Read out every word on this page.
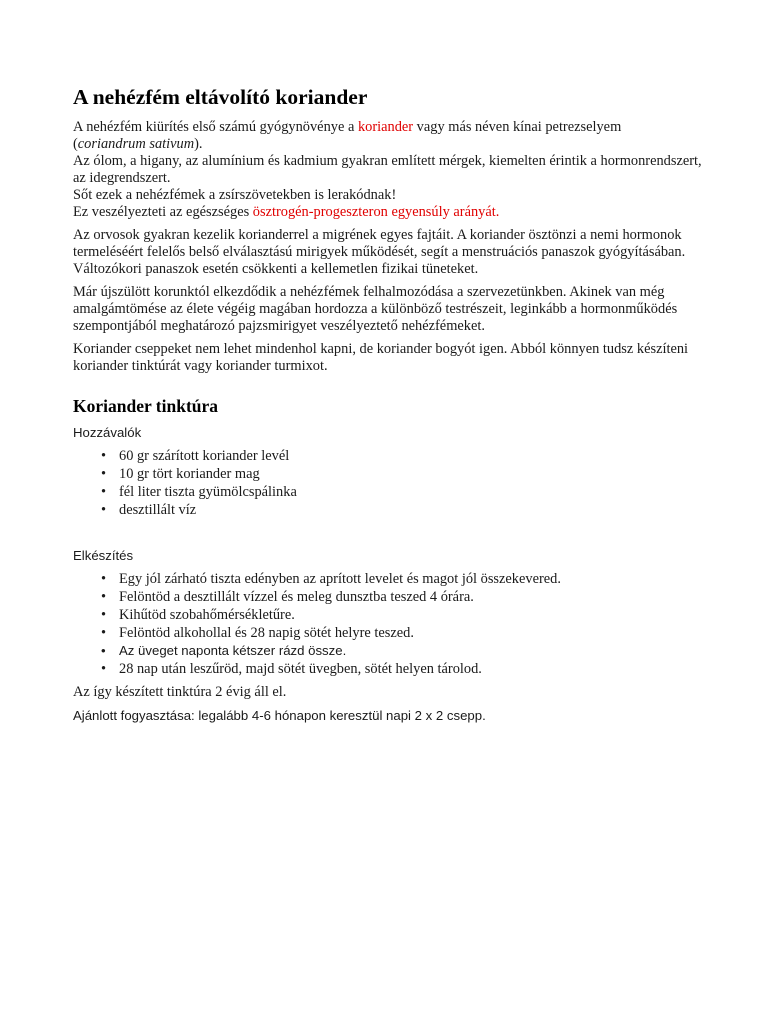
A nehézfém eltávolító koriander

A nehézfém kiürítés első számú gyógynövénye a koriander vagy más néven kínai petrezselyem
(coriandrum sativum).
Az ólom, a higany, az alumínium és kadmium gyakran említett mérgek, kiemelten érintik a hormonrendszert, az idegrendszert.
Sőt ezek a nehézfémek a zsírszövetekben is lerakódnak!
Ez veszélyezteti az egészséges ösztrogén-progeszteron egyensúly arányát.

Az orvosok gyakran kezelik korianderrel a migrének egyes fajtáit. A koriander ösztönzi a nemi hormonok termeléséért felelős belső elválasztású mirigyek működését, segít a menstruációs panaszok gyógyításában. Változókori panaszok esetén csökkenti a kellemetlen fizikai tüneteket.

Már újszülött korunktól elkezdődik a nehézfémek felhalmozódása a szervezetünkben. Akinek van még amalgámtömése az élete végéig magában hordozza a különböző testrészeit, leginkább a hormonműködés szempontjából meghatározó pajzsmirigyet veszélyeztető nehézfémeket.

Koriander cseppeket nem lehet mindenhol kapni, de koriander bogyót igen. Abból könnyen tudsz készíteni koriander tinktúrát vagy koriander turmixot.

Koriander tinktúra

Hozzávalók

• 60 gr szárított koriander levél
• 10 gr tört koriander mag
• fél liter tiszta gyümölcspálinka
• desztillált víz

Elkészítés

• Egy jól zárható tiszta edényben az aprított levelet és magot jól összekevered.
• Felöntöd a desztillált vízzel és meleg dunsztba teszed 4 órára.
• Kihűtöd szobahőmérsékletűre.
• Felöntöd alkohollal és 28 napig sötét helyre teszed.
• Az üveget naponta kétszer rázd össze.
• 28 nap után leszűröd, majd sötét üvegben, sötét helyen tárolod.

Az így készített tinktúra 2 évig áll el.

Ajánlott fogyasztása: legalább 4-6 hónapon keresztül napi 2 x 2 csepp.
